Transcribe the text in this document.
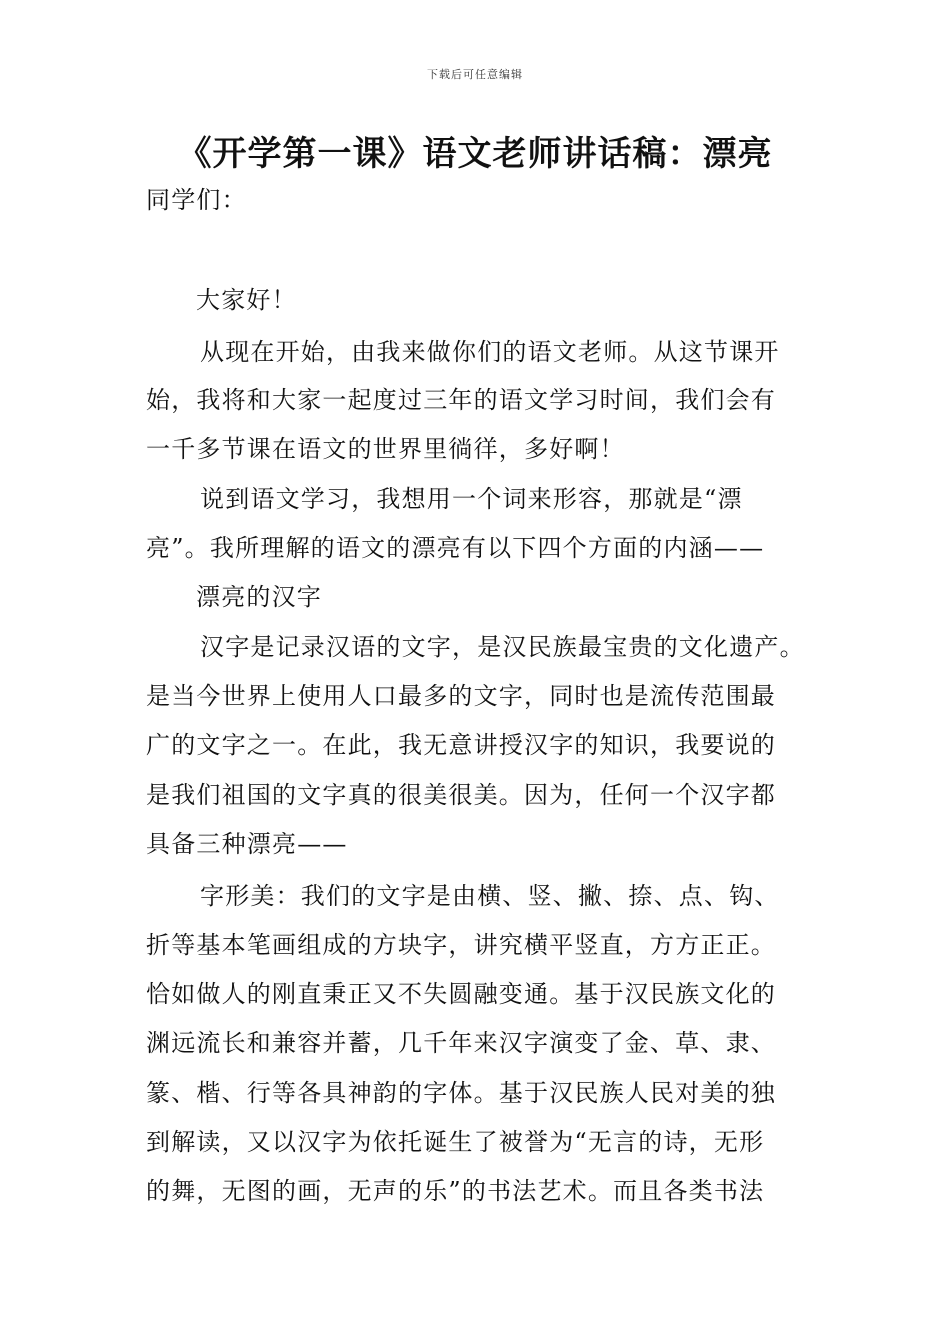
下载后可任意编辑
《开学第一课》语文老师讲话稿：漂亮
同学们：
大家好！
从现在开始，由我来做你们的语文老师。从这节课开
始，我将和大家一起度过三年的语文学习时间，我们会有
一千多节课在语文的世界里徜徉，多好啊！
说到语文学习，我想用一个词来形容，那就是“漂
亮”。我所理解的语文的漂亮有以下四个方面的内涵——
漂亮的汉字
汉字是记录汉语的文字，是汉民族最宝贵的文化遗产。
是当今世界上使用人口最多的文字，同时也是流传范围最
广的文字之一。在此，我无意讲授汉字的知识，我要说的
是我们祖国的文字真的很美很美。因为，任何一个汉字都
具备三种漂亮——
字形美：我们的文字是由横、竖、撇、捺、点、钩、
折等基本笔画组成的方块字，讲究横平竖直，方方正正。
恰如做人的刚直秉正又不失圆融变通。基于汉民族文化的
渊远流长和兼容并蓄，几千年来汉字演变了金、草、隶、
篆、楷、行等各具神韵的字体。基于汉民族人民对美的独
到解读，又以汉字为依托诞生了被誉为“无言的诗，无形
的舞，无图的画，无声的乐”的书法艺术。而且各类书法
